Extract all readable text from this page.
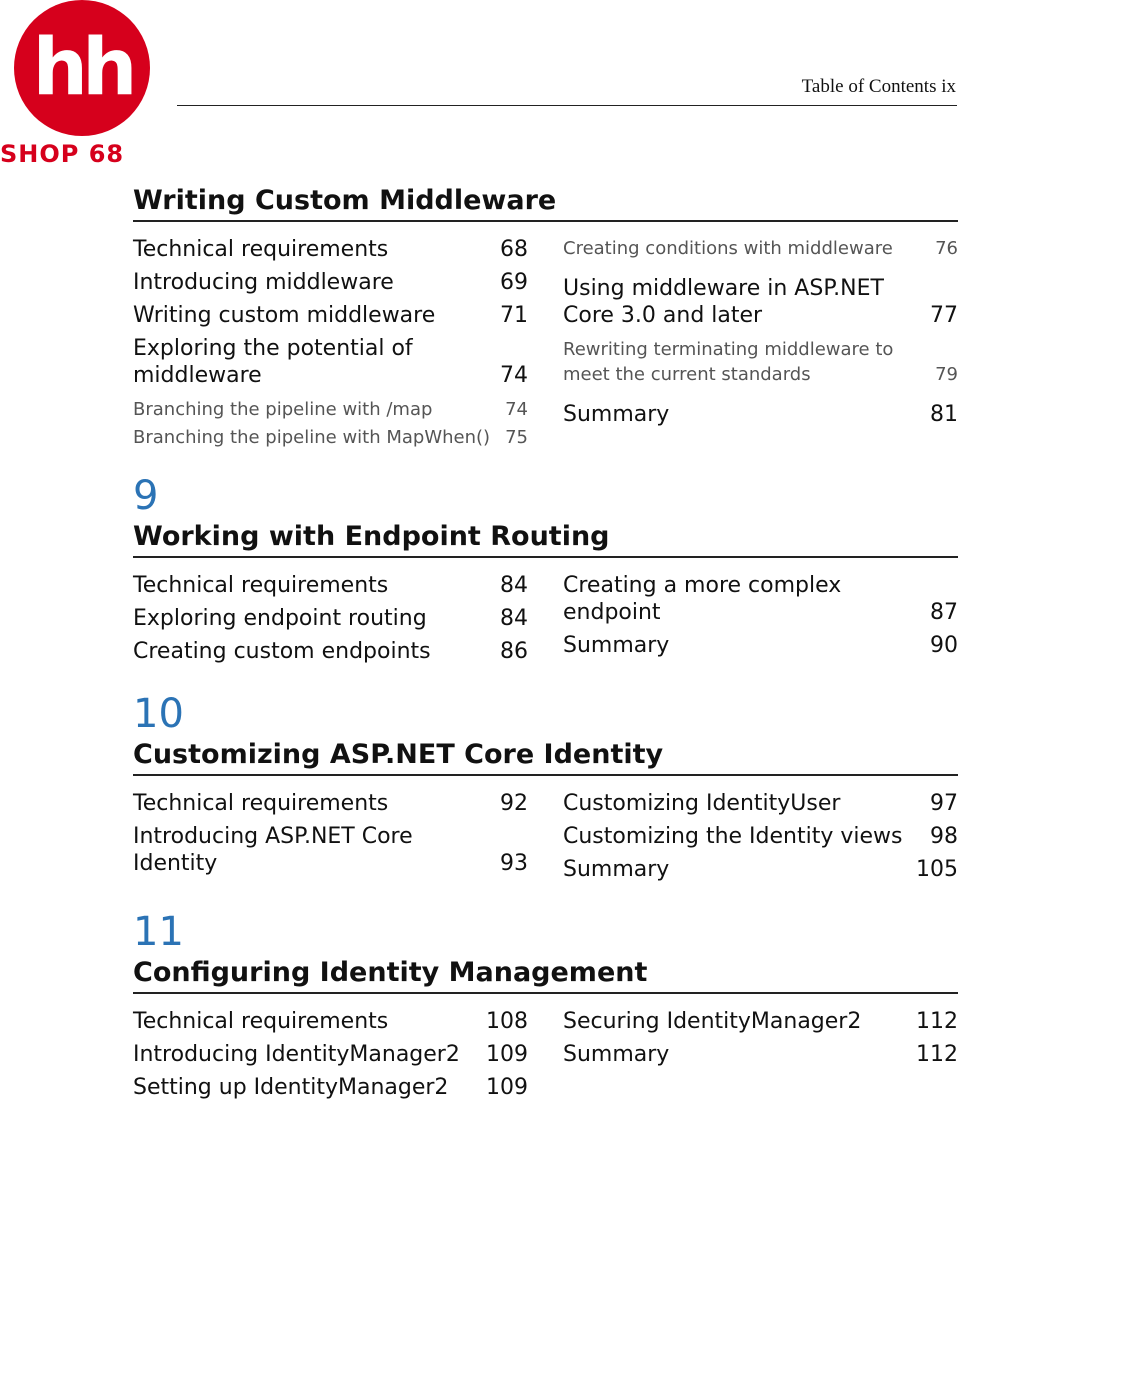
hh
SHOP 68
Table of Contents ix
Writing Custom Middleware
Technical requirements	68
Introducing middleware	69
Writing custom middleware	71
Exploring the potential of middleware	74
Branching the pipeline with /map	74
Branching the pipeline with MapWhen() 75
Creating conditions with middleware	76
Using middleware in ASP.NET Core 3.0 and later	77
Rewriting terminating middleware to meet the current standards	79
Summary	81
9
Working with Endpoint Routing
Technical requirements	84
Exploring endpoint routing	84
Creating custom endpoints	86
Creating a more complex endpoint	87
Summary	90
10
Customizing ASP.NET Core Identity
Technical requirements	92
Introducing ASP.NET Core Identity	93
Customizing IdentityUser	97
Customizing the Identity views	98
Summary	105
11
Configuring Identity Management
Technical requirements	108
Introducing IdentityManager2	109
Setting up IdentityManager2	109
Securing IdentityManager2	112
Summary	112
